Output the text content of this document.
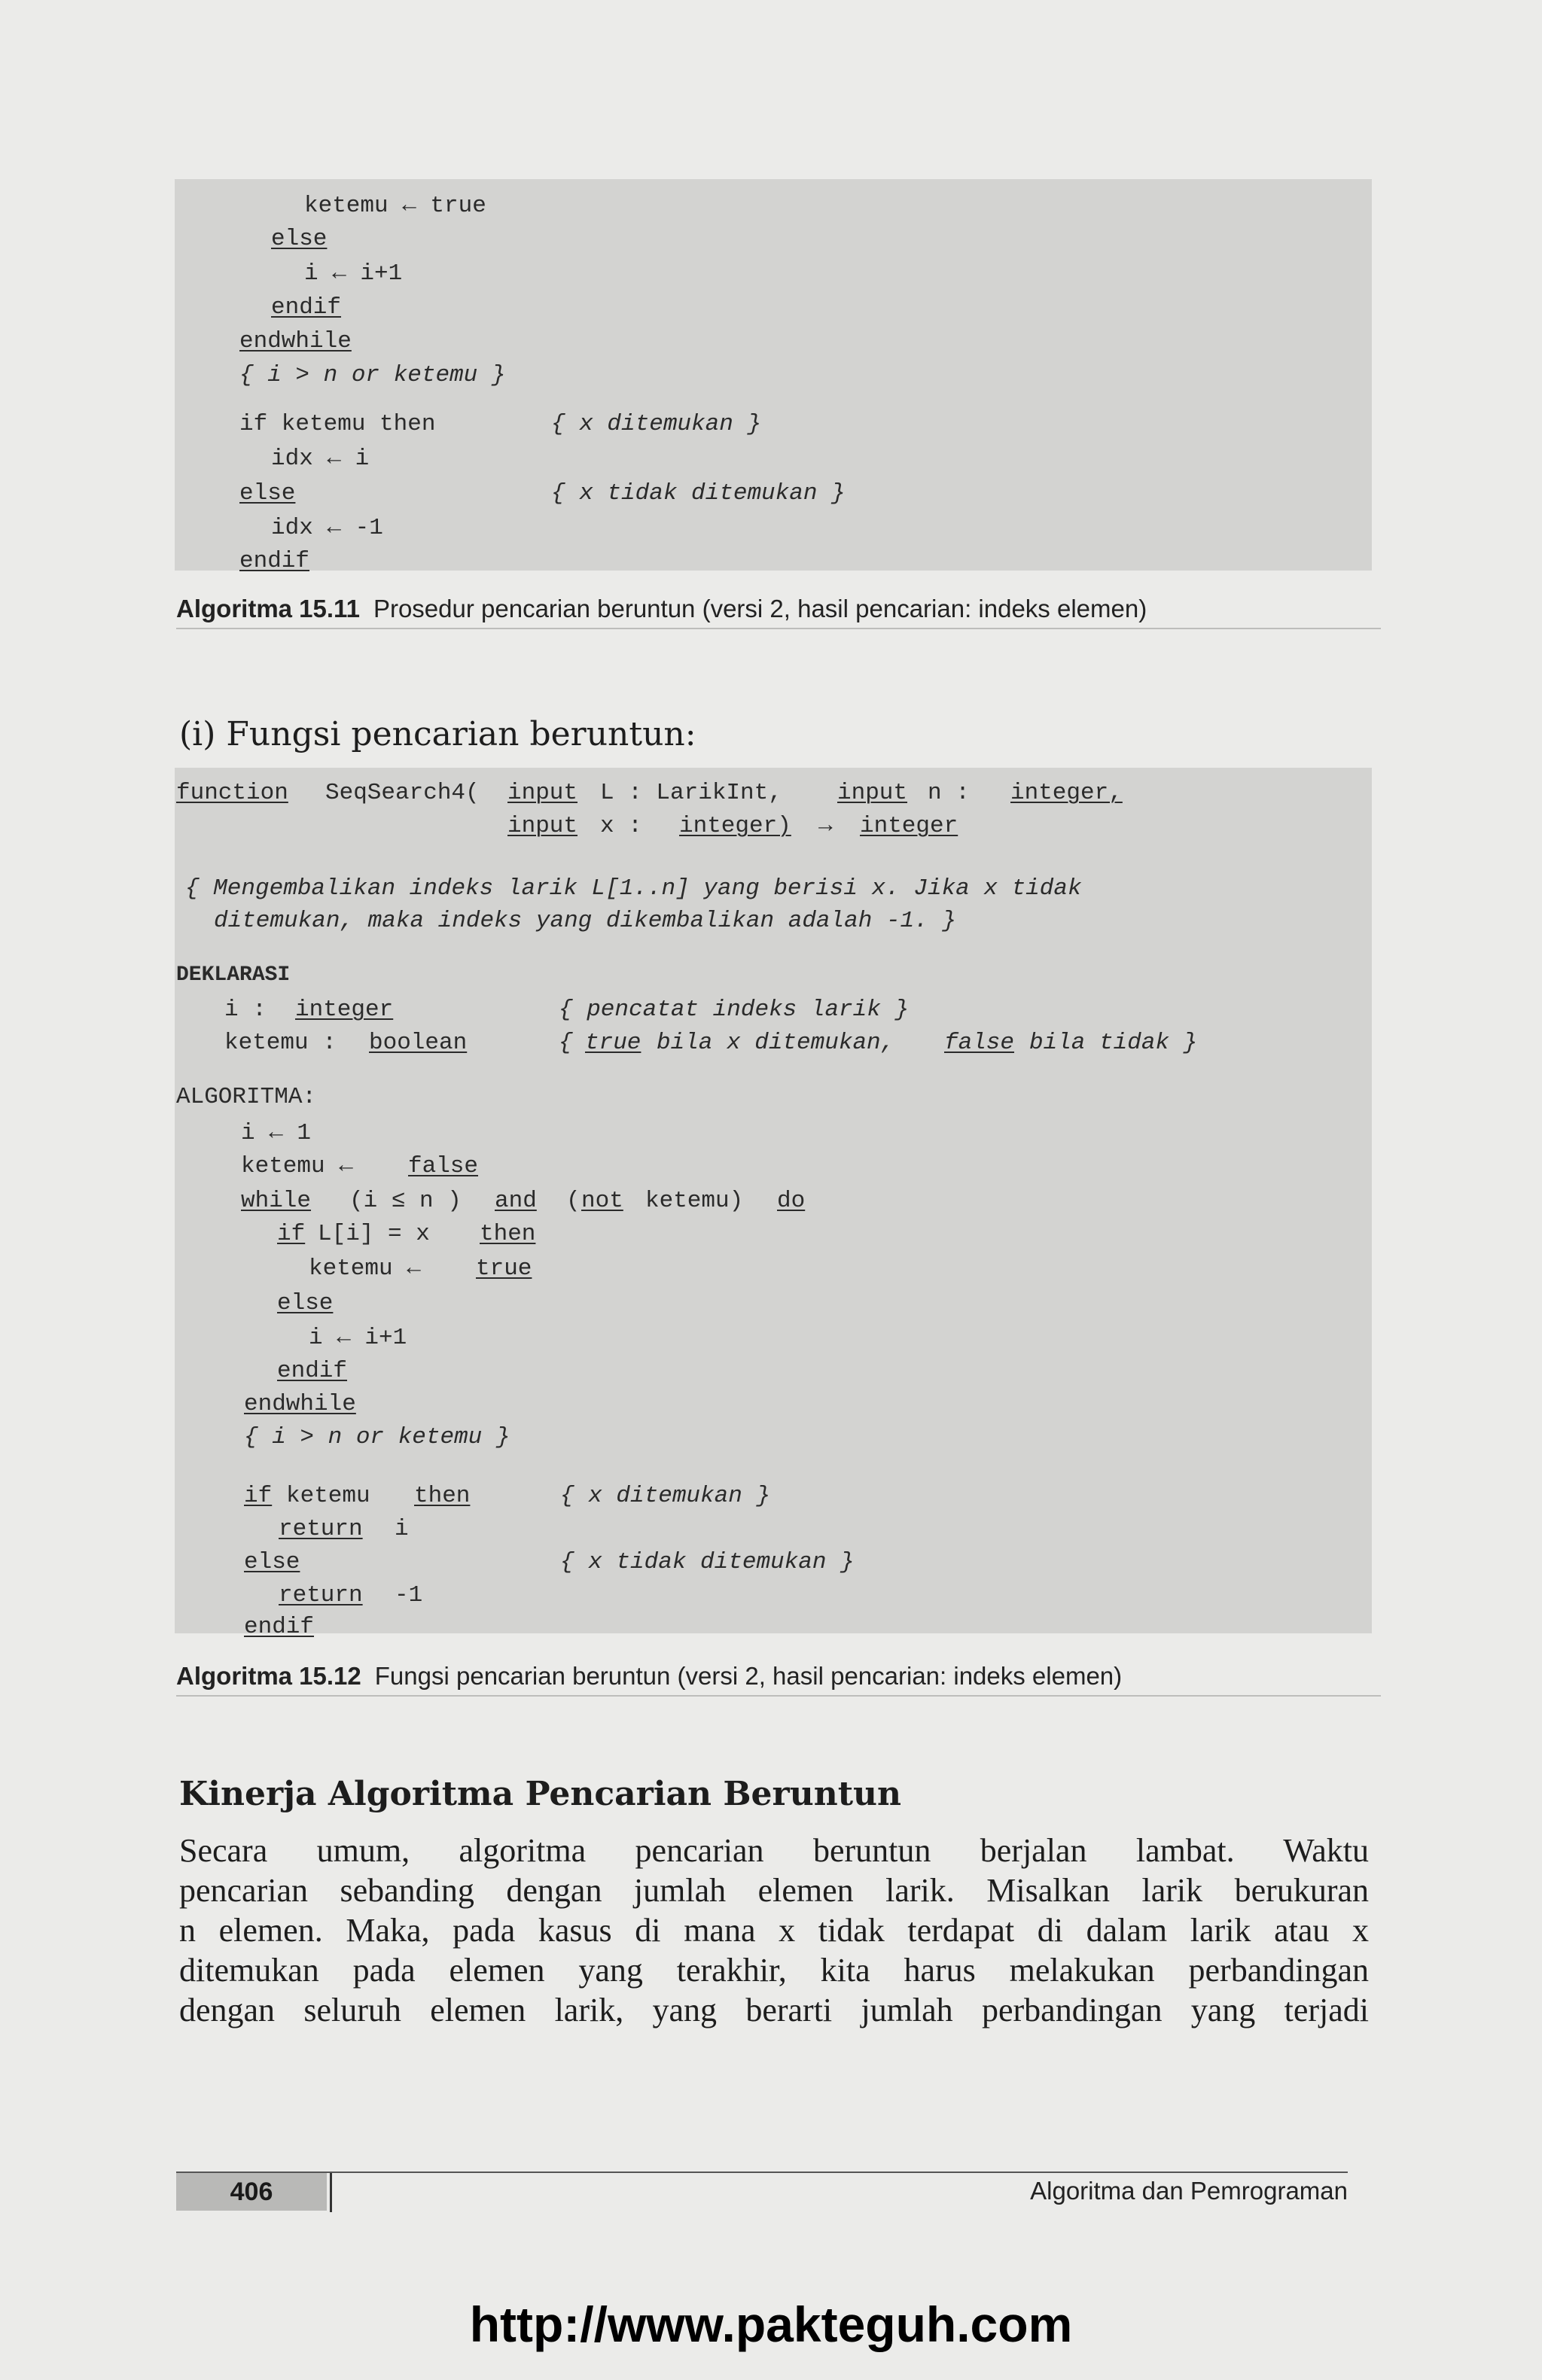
ketemu ← true
else
i ← i+1
endif
endwhile
{ i > n or ketemu }
if ketemu then	{ x ditemukan }
idx ← i
else	{ x tidak ditemukan }
idx ← -1
endif
Algoritma 15.11 Prosedur pencarian beruntun (versi 2, hasil pencarian: indeks elemen)
(i) Fungsi pencarian beruntun:
function SeqSearch4( input L : LarikInt, input n : integer,
input x : integer) → integer
{ Mengembalikan indeks larik L[1..n] yang berisi x. Jika x tidak
ditemukan, maka indeks yang dikembalikan adalah -1. }
DEKLARASI
i : integer	{ pencatat indeks larik }
ketemu : boolean	{ true bila x ditemukan, false bila tidak }
ALGORITMA:
i ← 1
ketemu ← false
while (i ≤ n ) and ( not ketemu) do
if L[i] = x then
ketemu ← true
else
i ← i+1
endif
endwhile
{ i > n or ketemu }
if ketemu then	{ x ditemukan }
return i
else	{ x tidak ditemukan }
return -1
endif
Algoritma 15.12 Fungsi pencarian beruntun (versi 2, hasil pencarian: indeks elemen)
Kinerja Algoritma Pencarian Beruntun
Secara umum, algoritma pencarian beruntun berjalan lambat. Waktu
pencarian sebanding dengan jumlah elemen larik. Misalkan larik berukuran
n elemen. Maka, pada kasus di mana x tidak terdapat di dalam larik atau x
ditemukan pada elemen yang terakhir, kita harus melakukan perbandingan
dengan seluruh elemen larik, yang berarti jumlah perbandingan yang terjadi
406	Algoritma dan Pemrograman
http://www.pakteguh.com
